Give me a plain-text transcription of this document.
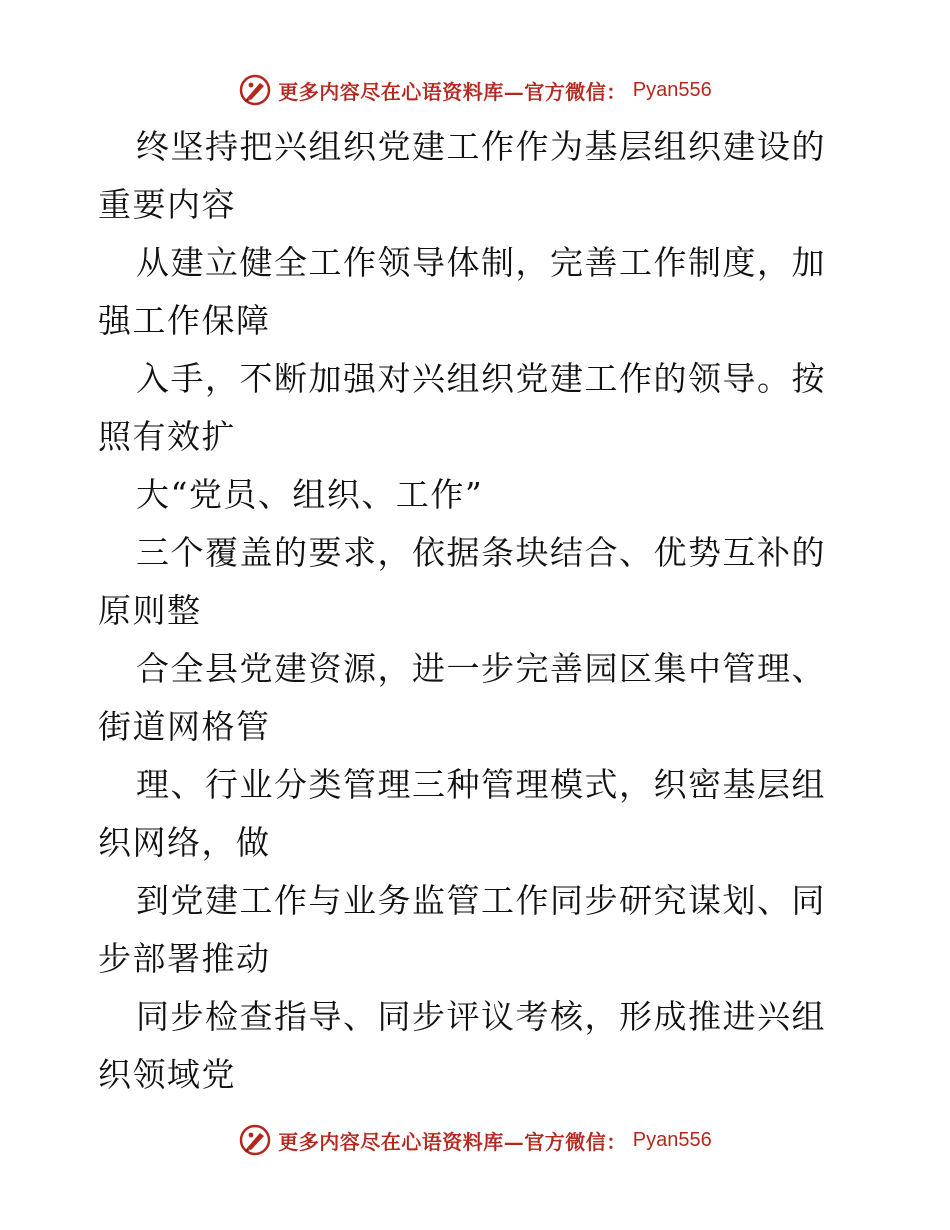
更多内容尽在心语资料库—官方微信： Pyan556

终坚持把兴组织党建工作作为基层组织建设的重要内容

从建立健全工作领导体制，完善工作制度，加强工作保障

入手，不断加强对兴组织党建工作的领导。按照有效扩

大“党员、组织、工作”

三个覆盖的要求，依据条块结合、优势互补的原则整

合全县党建资源，进一步完善园区集中管理、街道网格管

理、行业分类管理三种管理模式，织密基层组织网络，做

到党建工作与业务监管工作同步研究谋划、同步部署推动

同步检查指导、同步评议考核，形成推进兴组织领域党

更多内容尽在心语资料库—官方微信： Pyan556
